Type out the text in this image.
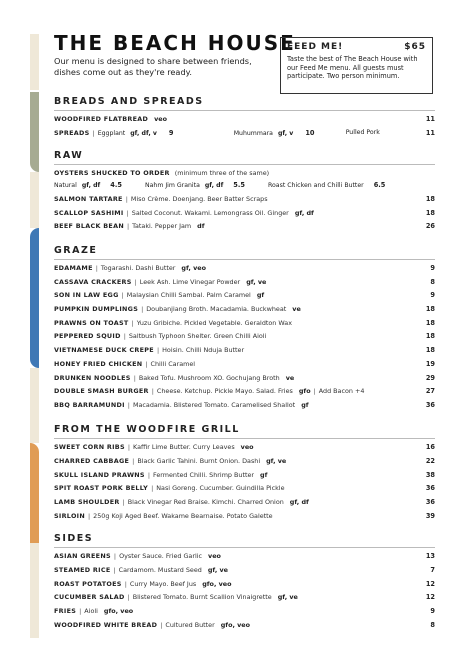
THE BEACH HOUSE
Our menu is designed to share between friends, dishes come out as they're ready.
FEED ME!	$65
Taste the best of The Beach House with our Feed Me menu. All guests must participate. Two person minimum.
BREADS AND SPREADS
WOODFIRED FLATBREAD veo	11
SPREADS | Eggplant gf, df, v 9	Muhummara gf, v 10	Pulled Pork	11
RAW
OYSTERS SHUCKED TO ORDER (minimum three of the same)
Natural gf, df 4.5	Nahm Jim Granita gf, df 5.5	Roast Chicken and Chilli Butter 6.5
SALMON TARTARE | Miso Crème. Doenjang. Beer Batter Scraps	18
SCALLOP SASHIMI | Salted Coconut. Wakami. Lemongrass Oil. Ginger gf, df	18
BEEF BLACK BEAN | Tataki. Pepper Jam df	26
GRAZE
EDAMAME | Togarashi. Dashi Butter gf, veo	9
CASSAVA CRACKERS | Leek Ash. Lime Vinegar Powder gf, ve	8
SON IN LAW EGG | Malaysian Chilli Sambal. Palm Caramel gf	9
PUMPKIN DUMPLINGS | Doubanjiang Broth. Macadamia. Buckwheat ve	18
PRAWNS ON TOAST | Yuzu Gribiche. Pickled Vegetable. Geraldton Wax	18
PEPPERED SQUID | Saltbush Typhoon Shelter. Green Chilli Aioli	18
VIETNAMESE DUCK CREPE | Hoisin. Chilli Nduja Butter	18
HONEY FRIED CHICKEN | Chilli Caramel	19
DRUNKEN NOODLES | Baked Tofu. Mushroom XO. Gochujang Broth ve	29
DOUBLE SMASH BURGER | Cheese. Ketchup. Pickle Mayo. Salad. Fries gfo | Add Bacon +4	27
BBQ BARRAMUNDI | Macadamia. Blistered Tomato. Caramelised Shallot gf	36
FROM THE WOODFIRE GRILL
SWEET CORN RIBS | Kaffir Lime Butter. Curry Leaves veo	16
CHARRED CABBAGE | Black Garlic Tahini. Burnt Onion. Dashi gf, ve	22
SKULL ISLAND PRAWNS | Fermented Chilli. Shrimp Butter gf	38
SPIT ROAST PORK BELLY | Nasi Goreng. Cucumber. Guindilla Pickle	36
LAMB SHOULDER | Black Vinegar Red Braise. Kimchi. Charred Onion gf, df	36
SIRLOIN | 250g Koji Aged Beef. Wakame Bearnaise. Potato Galette	39
SIDES
ASIAN GREENS | Oyster Sauce. Fried Garlic veo	13
STEAMED RICE | Cardamom. Mustard Seed gf, ve	7
ROAST POTATOES | Curry Mayo. Beef Jus gfo, veo	12
CUCUMBER SALAD | Blistered Tomato. Burnt Scallion Vinaigrette gf, ve	12
FRIES | Aioli gfo, veo	9
WOODFIRED WHITE BREAD | Cultured Butter gfo, veo	8
